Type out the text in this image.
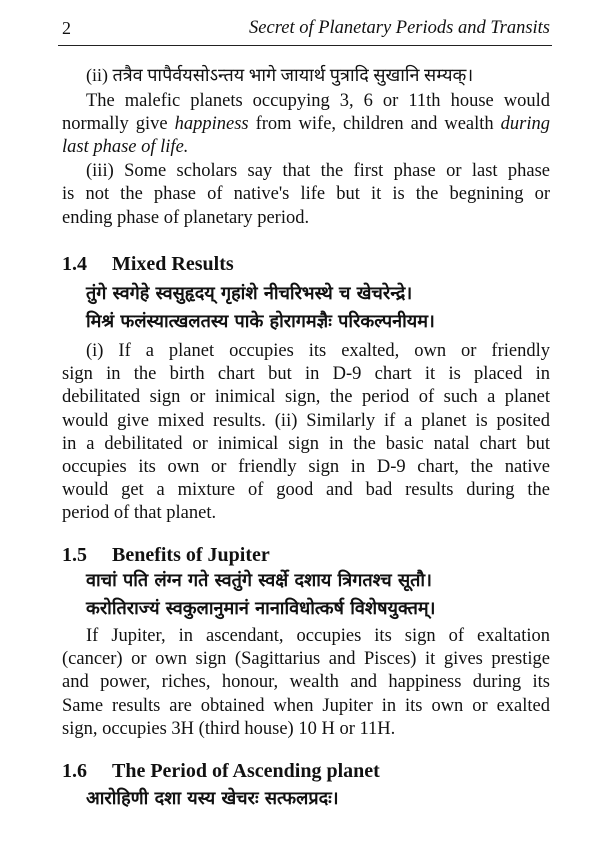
2	Secret of Planetary Periods and Transits
(ii) तत्रैव पापैर्वयसोऽन्तय भागे जायार्थ पुत्रादि सुखानि सम्यक्।
The malefic planets occupying 3, 6 or 11th house would
normally give happiness from wife, children and wealth during
last phase of life.
(iii) Some scholars say that the first phase or last phase
is not the phase of native's life but it is the begnining or
ending phase of planetary period.
1.4 Mixed Results
तुंगे स्वगेहे स्वसुहृदय् गृहांशे नीचरिभस्थे च खेचरेन्द्रे।
मिश्रं फलंस्यात्खलतस्य पाके होरागमज्ञैः परिकल्पनीयम।
(i) If a planet occupies its exalted, own or friendly
sign in the birth chart but in D-9 chart it is placed in
debilitated sign or inimical sign, the period of such a planet
would give mixed results. (ii) Similarly if a planet is posited
in a debilitated or inimical sign in the basic natal chart but
occupies its own or friendly sign in D-9 chart, the native
would get a mixture of good and bad results during the
period of that planet.
1.5 Benefits of Jupiter
वाचां पति लंग्न गते स्वतुंगे स्वर्क्षे दशाय त्रिगतश्च सूतौ।
करोतिराज्यं स्वकुलानुमानं नानाविधोत्कर्ष विशेषयुक्तम्।
If Jupiter, in ascendant, occupies its sign of exaltation
(cancer) or own sign (Sagittarius and Pisces) it gives prestige
and power, riches, honour, wealth and happiness during its
Same results are obtained when Jupiter in its own or exalted
sign, occupies 3H (third house) 10 H or 11H.
1.6 The Period of Ascending planet
आरोहिणी दशा यस्य खेचरः सत्फलप्रदः।
